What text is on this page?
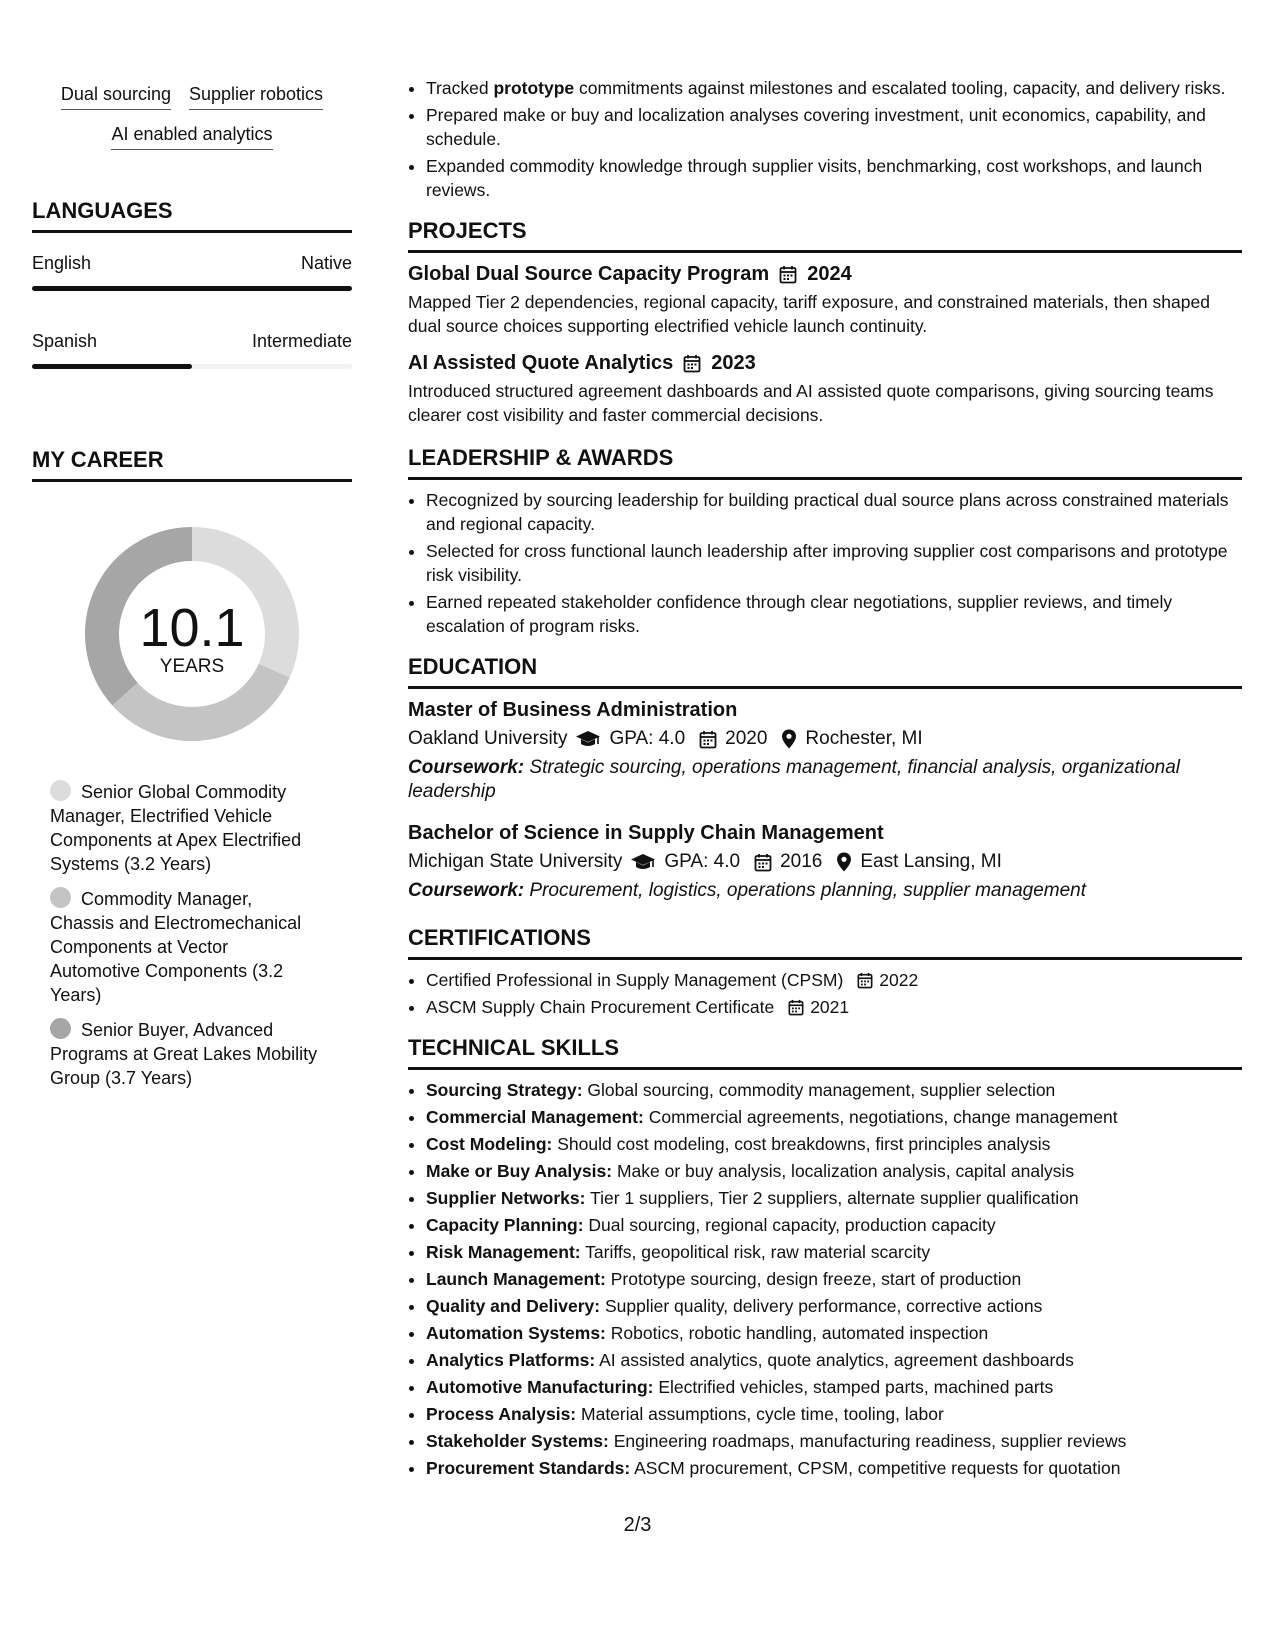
Dual sourcing Supplier robotics
AI enabled analytics
LANGUAGES
English	Native
Spanish	Intermediate
MY CAREER
10.1
YEARS
Senior Global Commodity Manager, Electrified Vehicle Components at Apex Electrified Systems (3.2 Years)
Commodity Manager, Chassis and Electromechanical Components at Vector Automotive Components (3.2 Years)
Senior Buyer, Advanced Programs at Great Lakes Mobility Group (3.7 Years)
• Tracked prototype commitments against milestones and escalated tooling, capacity, and delivery risks.
• Prepared make or buy and localization analyses covering investment, unit economics, capability, and schedule.
• Expanded commodity knowledge through supplier visits, benchmarking, cost workshops, and launch reviews.
PROJECTS
Global Dual Source Capacity Program 2024

Mapped Tier 2 dependencies, regional capacity, tariff exposure, and constrained materials, then shaped dual source choices supporting electrified vehicle launch continuity.

AI Assisted Quote Analytics 2023

Introduced structured agreement dashboards and AI assisted quote comparisons, giving sourcing teams clearer cost visibility and faster commercial decisions.

LEADERSHIP & AWARDS
• Recognized by sourcing leadership for building practical dual source plans across constrained materials and regional capacity.
• Selected for cross functional launch leadership after improving supplier cost comparisons and prototype risk visibility.
• Earned repeated stakeholder confidence through clear negotiations, supplier reviews, and timely escalation of program risks.
EDUCATION
Master of Business Administration
Oakland University GPA: 4.0 2020 Rochester, MI

Coursework: Strategic sourcing, operations management, financial analysis, organizational leadership

Bachelor of Science in Supply Chain Management
Michigan State University GPA: 4.0 2016 East Lansing, MI

Coursework: Procurement, logistics, operations planning, supplier management

CERTIFICATIONS
• Certified Professional in Supply Management (CPSM) 2022
• ASCM Supply Chain Procurement Certificate 2021
TECHNICAL SKILLS
• Sourcing Strategy: Global sourcing, commodity management, supplier selection
• Commercial Management: Commercial agreements, negotiations, change management
• Cost Modeling: Should cost modeling, cost breakdowns, first principles analysis
• Make or Buy Analysis: Make or buy analysis, localization analysis, capital analysis
• Supplier Networks: Tier 1 suppliers, Tier 2 suppliers, alternate supplier qualification
• Capacity Planning: Dual sourcing, regional capacity, production capacity
• Risk Management: Tariffs, geopolitical risk, raw material scarcity
• Launch Management: Prototype sourcing, design freeze, start of production
• Quality and Delivery: Supplier quality, delivery performance, corrective actions
• Automation Systems: Robotics, robotic handling, automated inspection
• Analytics Platforms: AI assisted analytics, quote analytics, agreement dashboards
• Automotive Manufacturing: Electrified vehicles, stamped parts, machined parts
• Process Analysis: Material assumptions, cycle time, tooling, labor
• Stakeholder Systems: Engineering roadmaps, manufacturing readiness, supplier reviews
• Procurement Standards: ASCM procurement, CPSM, competitive requests for quotation
2/3
